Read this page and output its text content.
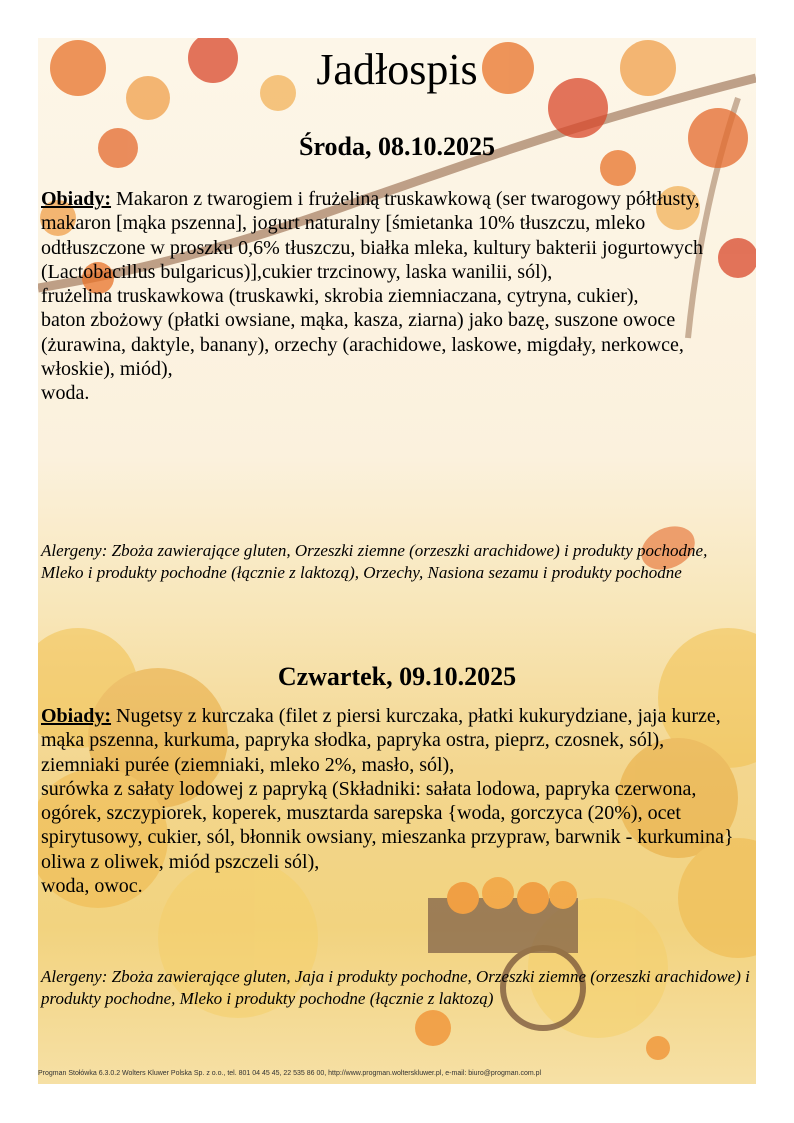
Jadłospis
Środa, 08.10.2025

Obiady: Makaron z twarogiem i frużeliną truskawkową (ser twarogowy półtłusty, makaron [mąka pszenna], jogurt naturalny [śmietanka 10% tłuszczu, mleko odtłuszczone w proszku 0,6% tłuszczu, białka mleka, kultury bakterii jogurtowych (Lactobacillus bulgaricus)],cukier trzcinowy, laska wanilii, sól),

frużelina truskawkowa (truskawki, skrobia ziemniaczana, cytryna, cukier),

baton zbożowy (płatki owsiane, mąka, kasza, ziarna) jako bazę, suszone owoce (żurawina, daktyle, banany), orzechy (arachidowe, laskowe, migdały, nerkowce, włoskie), miód),

woda.

Alergeny: Zboża zawierające gluten, Orzeszki ziemne (orzeszki arachidowe) i produkty pochodne, Mleko i produkty pochodne (łącznie z laktozą), Orzechy, Nasiona sezamu i produkty pochodne
Czwartek, 09.10.2025

Obiady: Nugetsy z kurczaka (filet z piersi kurczaka, płatki kukurydziane, jaja kurze, mąka pszenna, kurkuma, papryka słodka, papryka ostra, pieprz, czosnek, sól),

ziemniaki purée (ziemniaki, mleko 2%, masło, sól),

surówka z sałaty lodowej z papryką (Składniki: sałata lodowa, papryka czerwona, ogórek, szczypiorek, koperek, musztarda sarepska {woda, gorczyca (20%), ocet spirytusowy, cukier, sól, błonnik owsiany, mieszanka przypraw, barwnik - kurkumina} oliwa z oliwek, miód pszczeli sól),

woda, owoc.

Alergeny: Zboża zawierające gluten, Jaja i produkty pochodne, Orzeszki ziemne (orzeszki arachidowe) i produkty pochodne, Mleko i produkty pochodne (łącznie z laktozą)
Progman Stołówka 6.3.0.2 Wolters Kluwer Polska Sp. z o.o., tel. 801 04 45 45, 22 535 86 00, http://www.progman.wolterskluwer.pl, e-mail: biuro@progman.com.pl
